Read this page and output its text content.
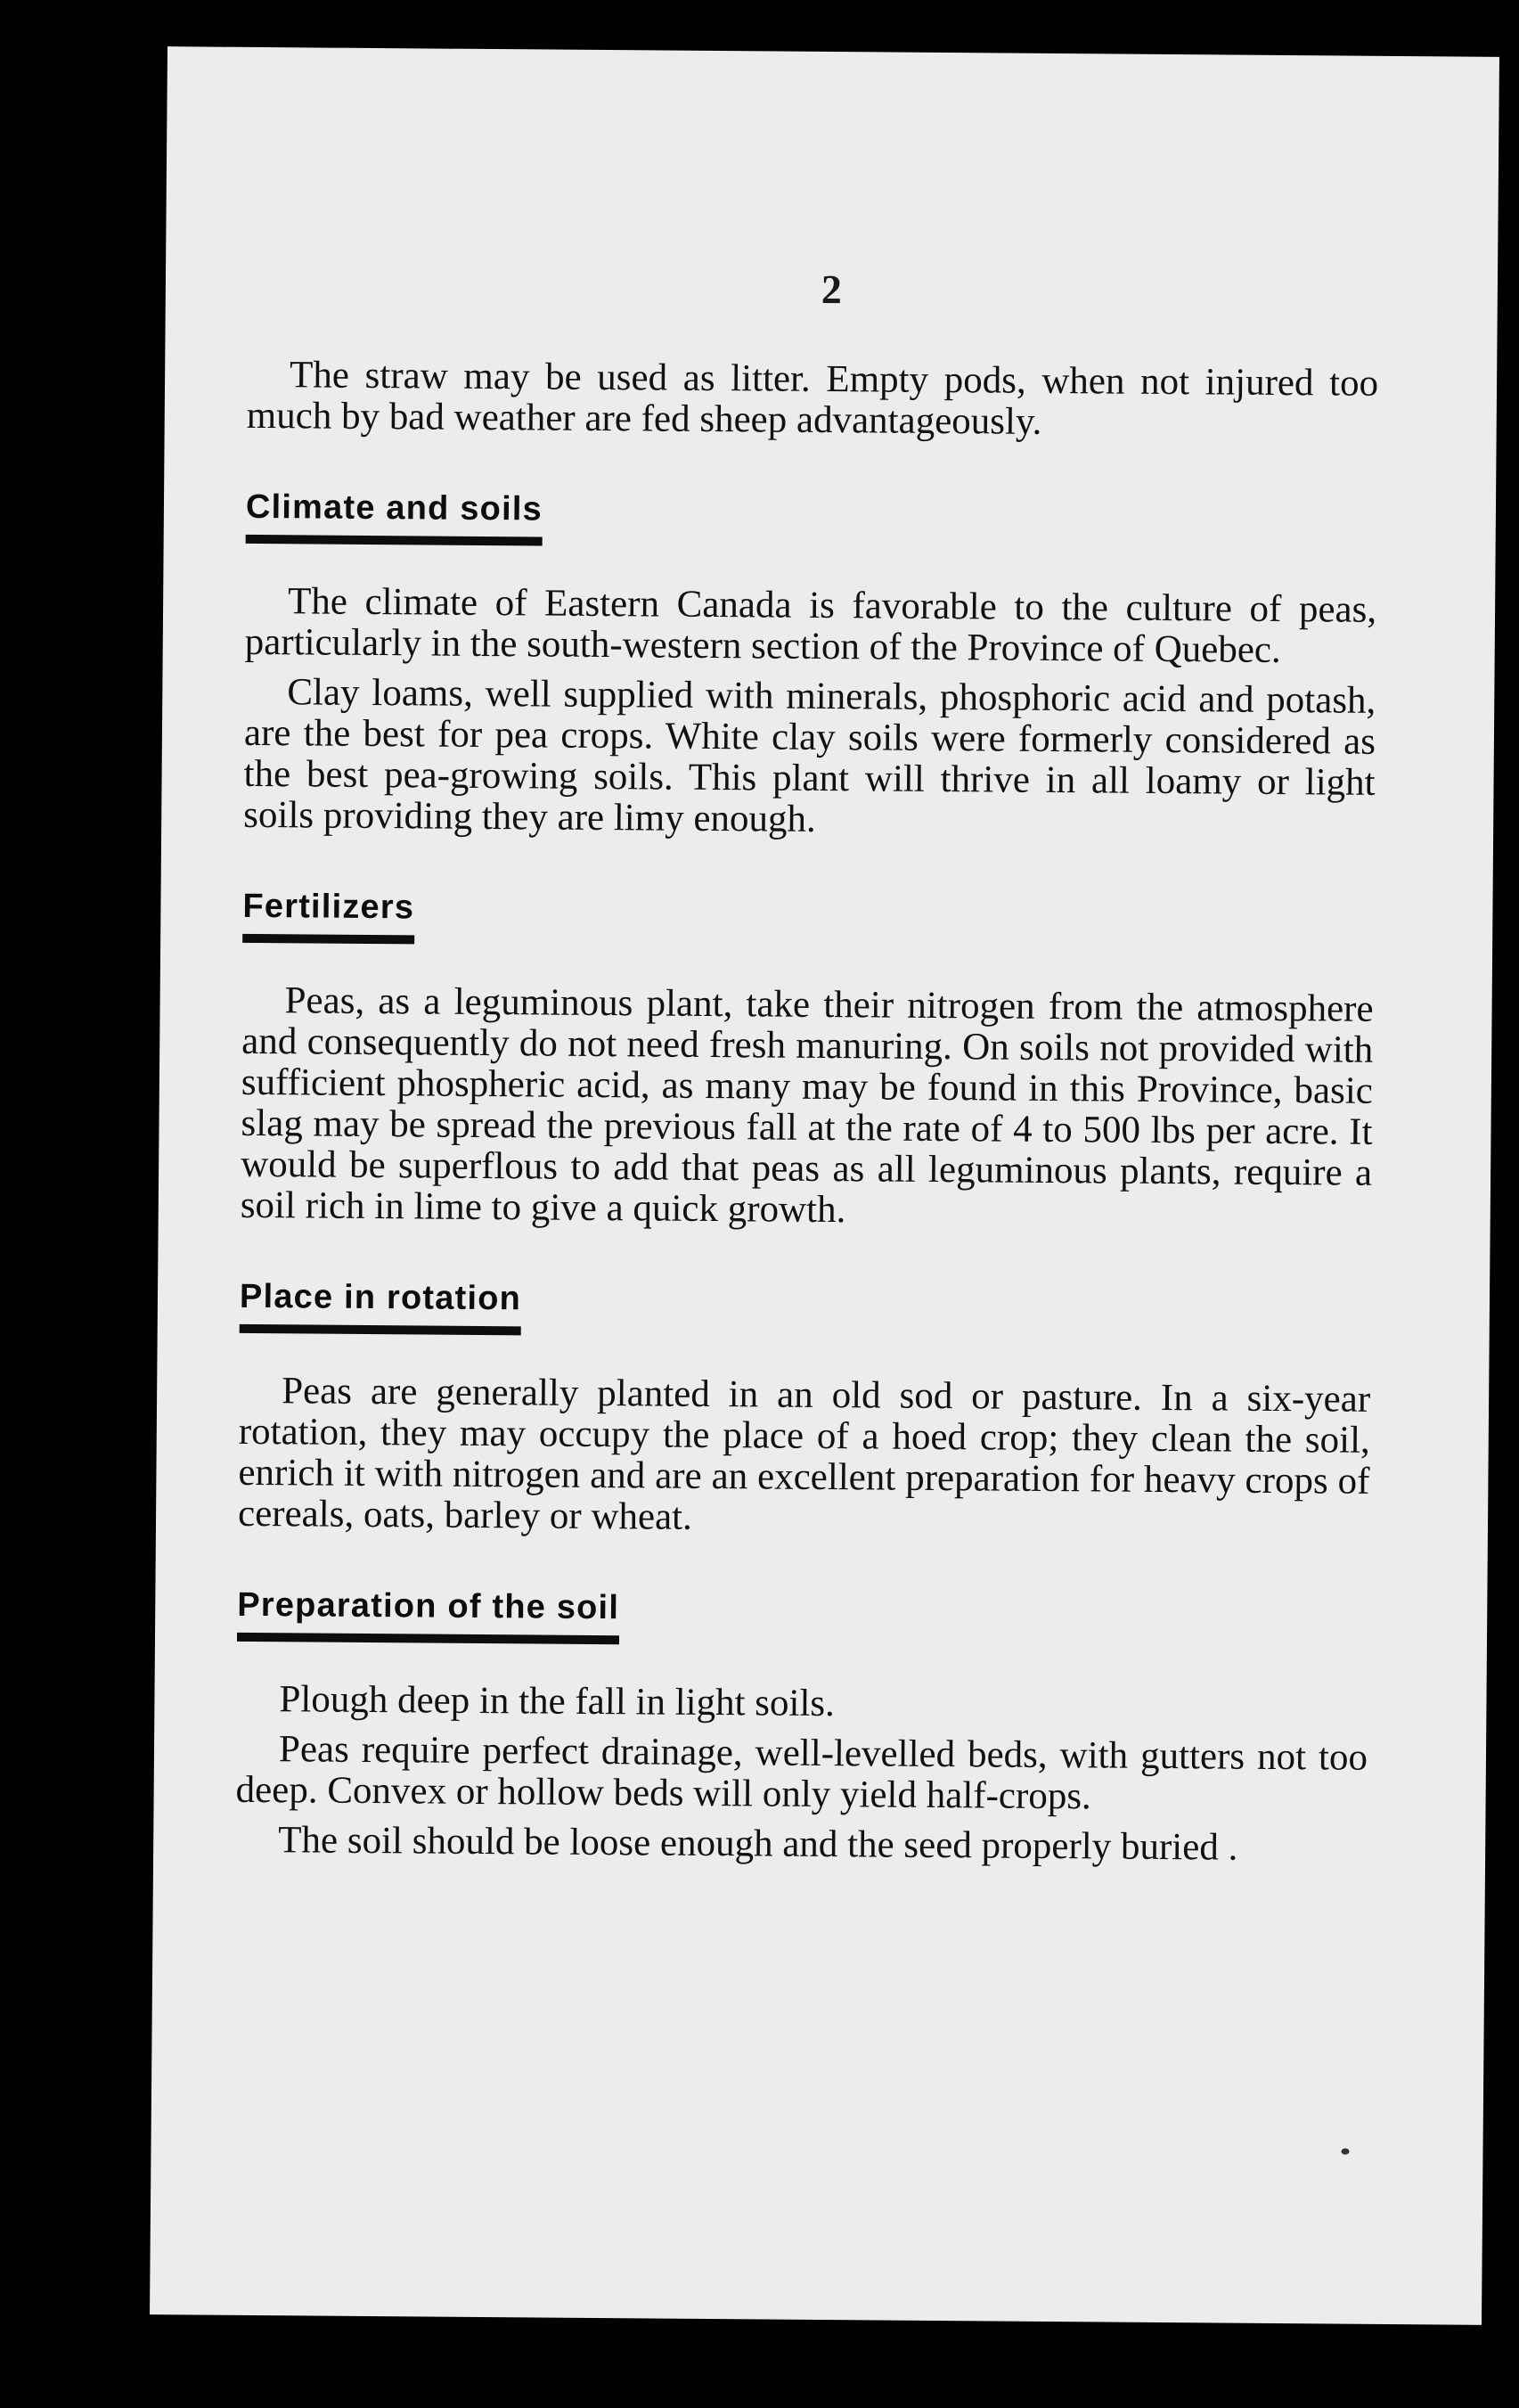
2

The straw may be used as litter. Empty pods, when not injured too much by bad weather are fed sheep advantageously.

Climate and soils

The climate of Eastern Canada is favorable to the culture of peas, particularly in the south-western section of the Province of Quebec.

Clay loams, well supplied with minerals, phosphoric acid and potash, are the best for pea crops. White clay soils were formerly considered as the best pea-growing soils. This plant will thrive in all loamy or light soils providing they are limy enough.

Fertilizers

Peas, as a leguminous plant, take their nitrogen from the atmosphere and consequently do not need fresh manuring. On soils not provided with sufficient phospheric acid, as many may be found in this Province, basic slag may be spread the previous fall at the rate of 4 to 500 lbs per acre. It would be superflous to add that peas as all leguminous plants, require a soil rich in lime to give a quick growth.

Place in rotation

Peas are generally planted in an old sod or pasture. In a six-year rotation, they may occupy the place of a hoed crop; they clean the soil, enrich it with nitrogen and are an excellent preparation for heavy crops of cereals, oats, barley or wheat.

Preparation of the soil

Plough deep in the fall in light soils.

Peas require perfect drainage, well-levelled beds, with gutters not too deep. Convex or hollow beds will only yield half-crops.

The soil should be loose enough and the seed properly buried .
